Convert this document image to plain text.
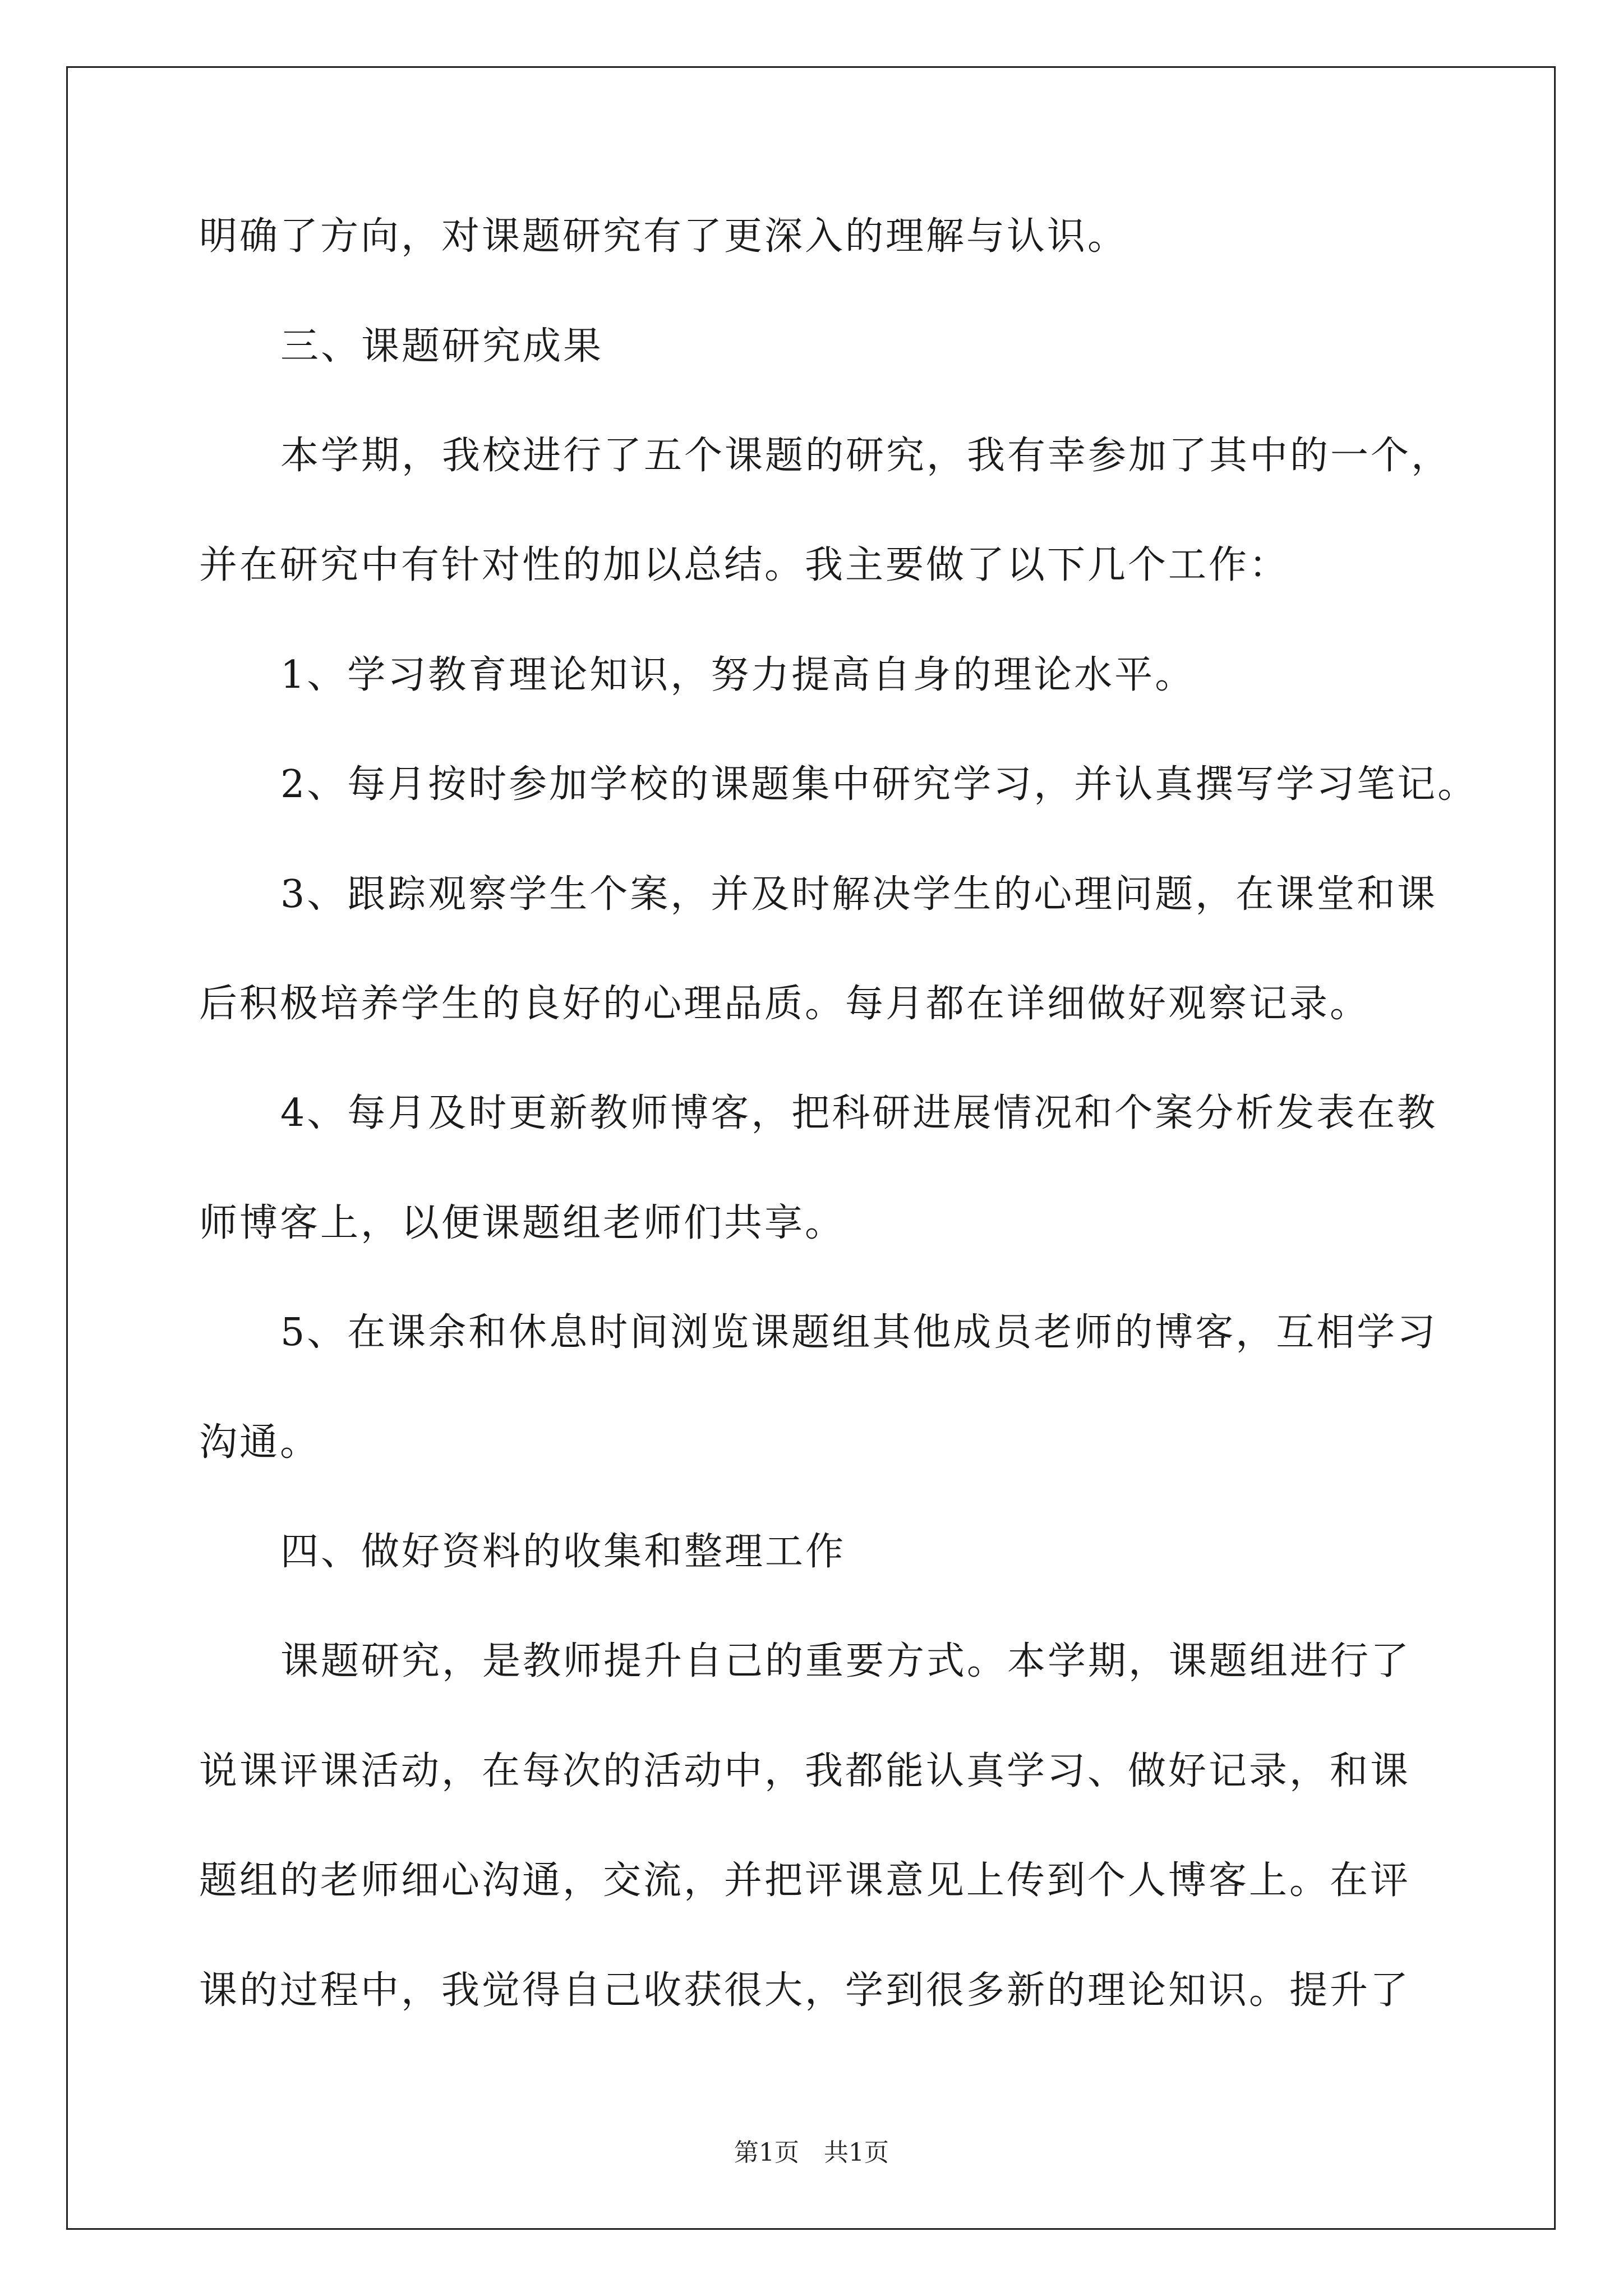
明确了方向，对课题研究有了更深入的理解与认识。
三、课题研究成果
本学期，我校进行了五个课题的研究，我有幸参加了其中的一个，
并在研究中有针对性的加以总结。我主要做了以下几个工作：
1、学习教育理论知识，努力提高自身的理论水平。
2、每月按时参加学校的课题集中研究学习，并认真撰写学习笔记。
3、跟踪观察学生个案，并及时解决学生的心理问题，在课堂和课
后积极培养学生的良好的心理品质。每月都在详细做好观察记录。
4、每月及时更新教师博客，把科研进展情况和个案分析发表在教
师博客上，以便课题组老师们共享。
5、在课余和休息时间浏览课题组其他成员老师的博客，互相学习
沟通。
四、做好资料的收集和整理工作
课题研究，是教师提升自己的重要方式。本学期，课题组进行了
说课评课活动，在每次的活动中，我都能认真学习、做好记录，和课
题组的老师细心沟通，交流，并把评课意见上传到个人博客上。在评
课的过程中，我觉得自己收获很大，学到很多新的理论知识。提升了
第1页　共1页
